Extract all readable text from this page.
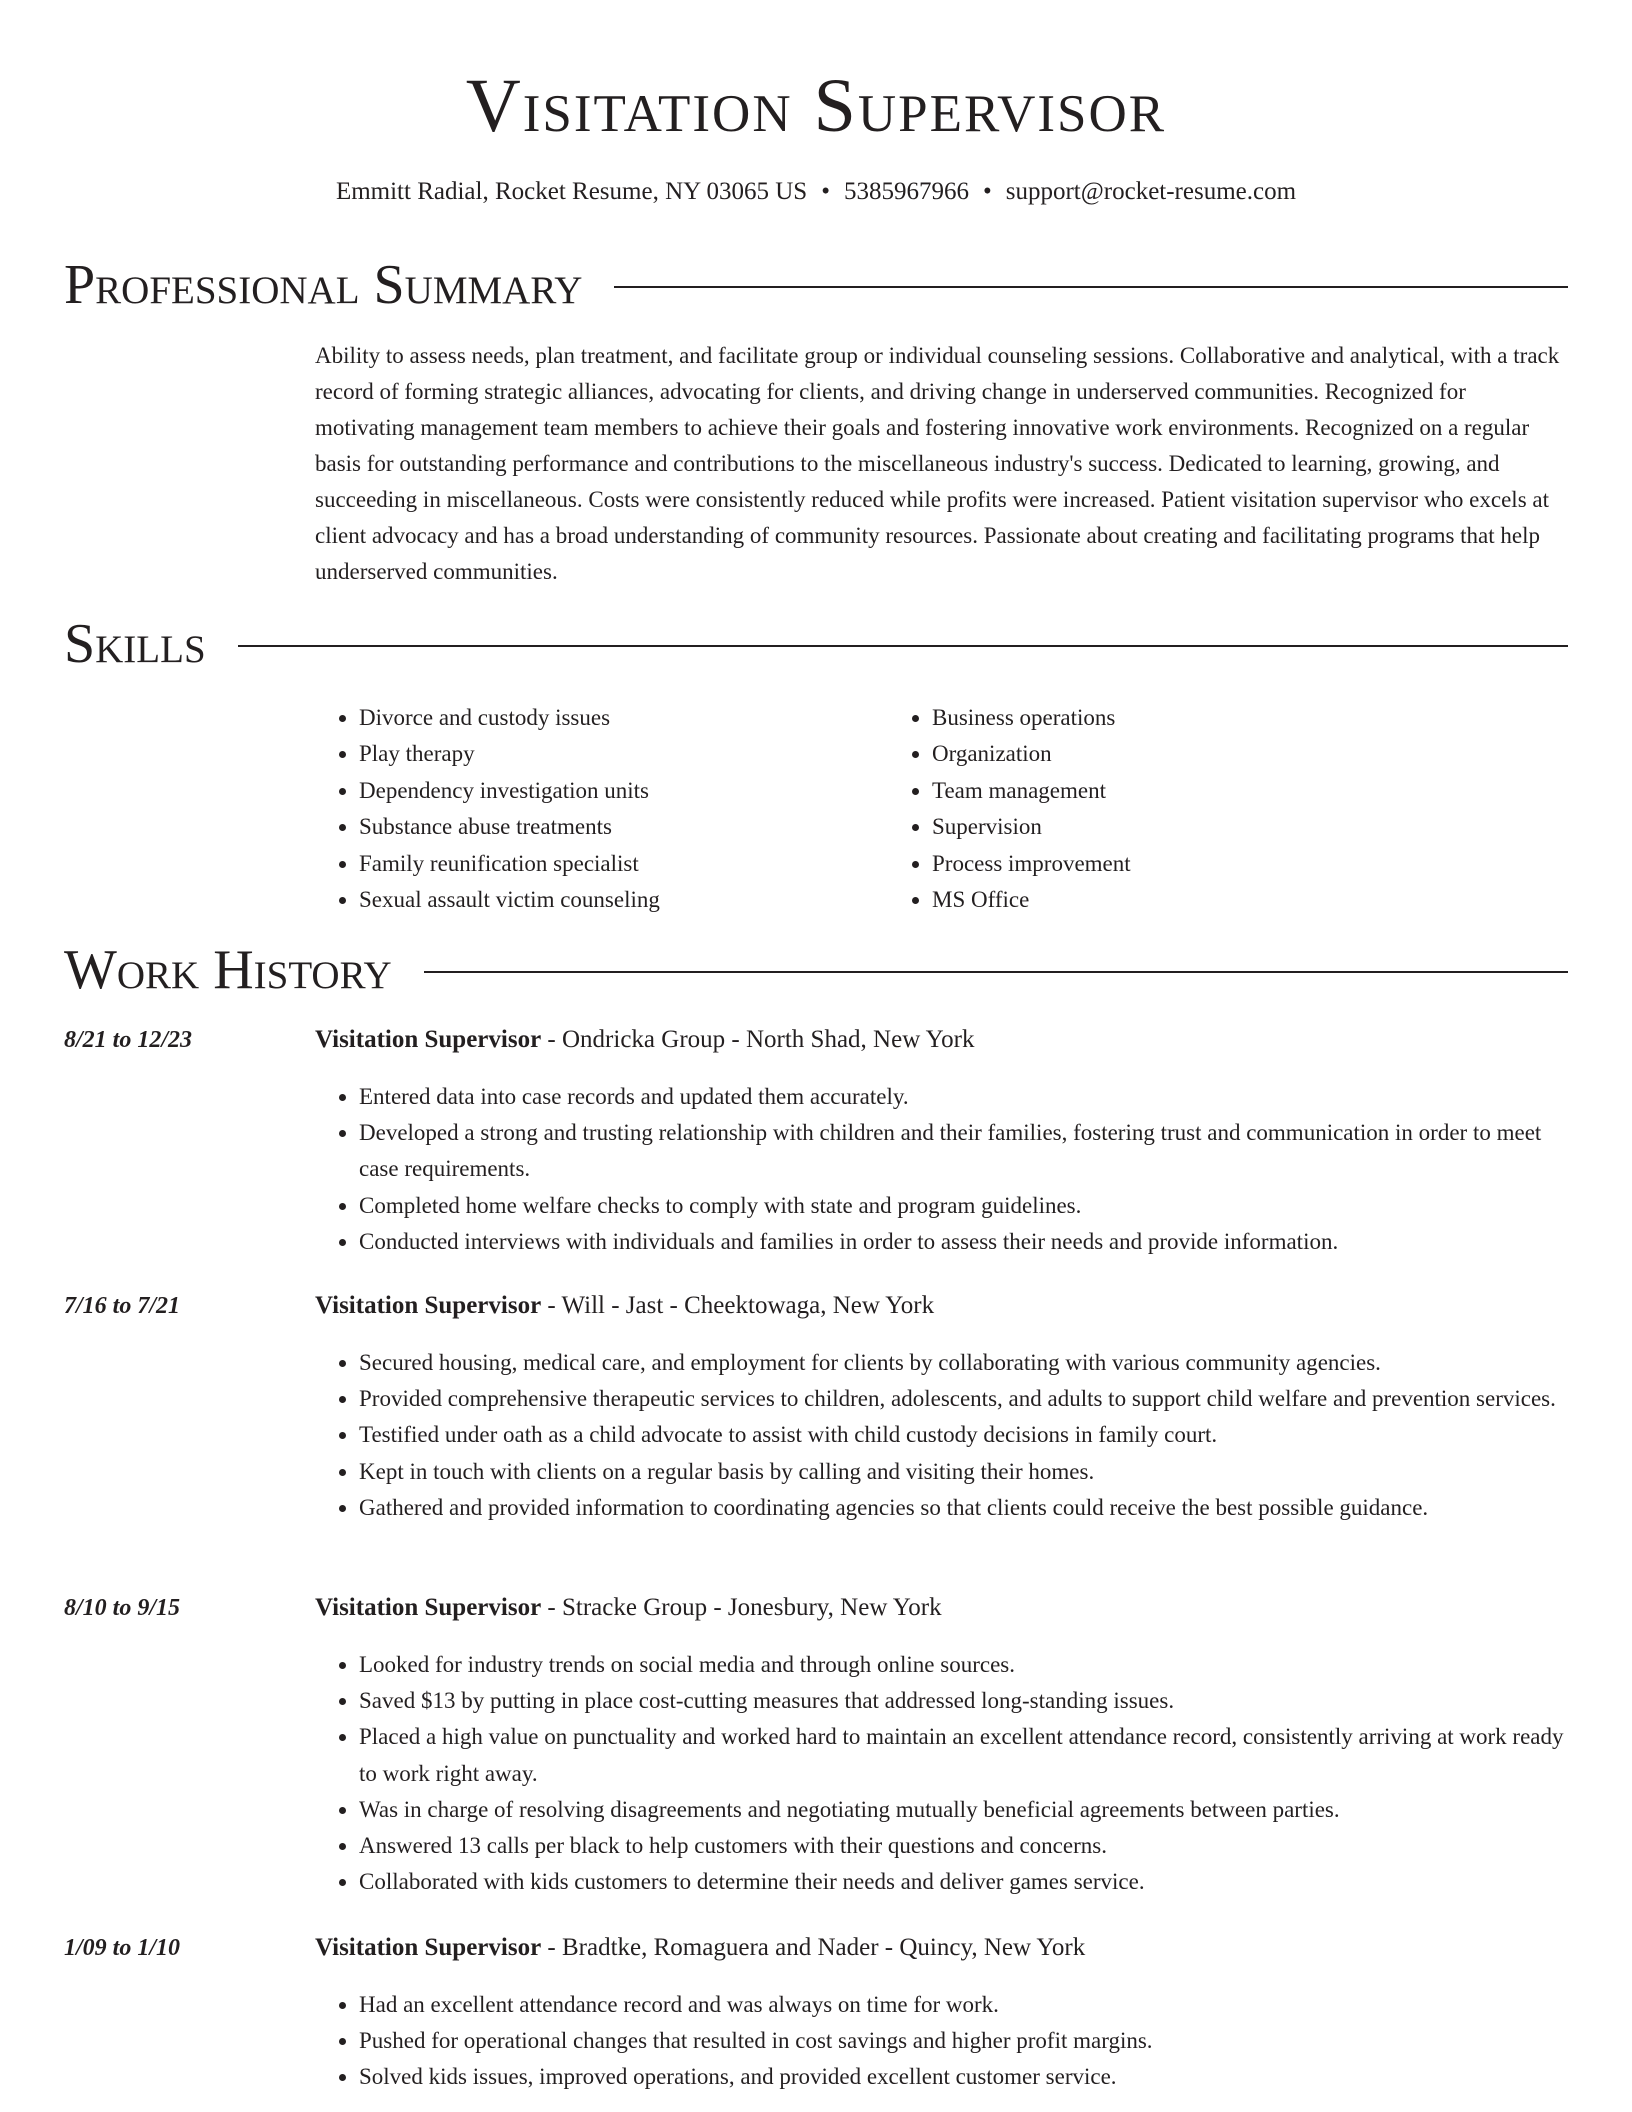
Visitation Supervisor
Emmitt Radial, Rocket Resume, NY 03065 US • 5385967966 • support@rocket-resume.com
Professional Summary
Ability to assess needs, plan treatment, and facilitate group or individual counseling sessions. Collaborative and analytical, with a track record of forming strategic alliances, advocating for clients, and driving change in underserved communities. Recognized for motivating management team members to achieve their goals and fostering innovative work environments. Recognized on a regular basis for outstanding performance and contributions to the miscellaneous industry's success. Dedicated to learning, growing, and succeeding in miscellaneous. Costs were consistently reduced while profits were increased. Patient visitation supervisor who excels at client advocacy and has a broad understanding of community resources. Passionate about creating and facilitating programs that help underserved communities.
Skills
• Divorce and custody issues
• Play therapy
• Dependency investigation units
• Substance abuse treatments
• Family reunification specialist
• Sexual assault victim counseling
• Business operations
• Organization
• Team management
• Supervision
• Process improvement
• MS Office
Work History
8/21 to 12/23	Visitation Supervisor - Ondricka Group - North Shad, New York
• Entered data into case records and updated them accurately.
• Developed a strong and trusting relationship with children and their families, fostering trust and communication in order to meet case requirements.
• Completed home welfare checks to comply with state and program guidelines.
• Conducted interviews with individuals and families in order to assess their needs and provide information.
7/16 to 7/21	Visitation Supervisor - Will - Jast - Cheektowaga, New York
• Secured housing, medical care, and employment for clients by collaborating with various community agencies.
• Provided comprehensive therapeutic services to children, adolescents, and adults to support child welfare and prevention services.
• Testified under oath as a child advocate to assist with child custody decisions in family court.
• Kept in touch with clients on a regular basis by calling and visiting their homes.
• Gathered and provided information to coordinating agencies so that clients could receive the best possible guidance.
8/10 to 9/15	Visitation Supervisor - Stracke Group - Jonesbury, New York
• Looked for industry trends on social media and through online sources.
• Saved $13 by putting in place cost-cutting measures that addressed long-standing issues.
• Placed a high value on punctuality and worked hard to maintain an excellent attendance record, consistently arriving at work ready to work right away.
• Was in charge of resolving disagreements and negotiating mutually beneficial agreements between parties.
• Answered 13 calls per black to help customers with their questions and concerns.
• Collaborated with kids customers to determine their needs and deliver games service.
1/09 to 1/10	Visitation Supervisor - Bradtke, Romaguera and Nader - Quincy, New York
• Had an excellent attendance record and was always on time for work.
• Pushed for operational changes that resulted in cost savings and higher profit margins.
• Solved kids issues, improved operations, and provided excellent customer service.
